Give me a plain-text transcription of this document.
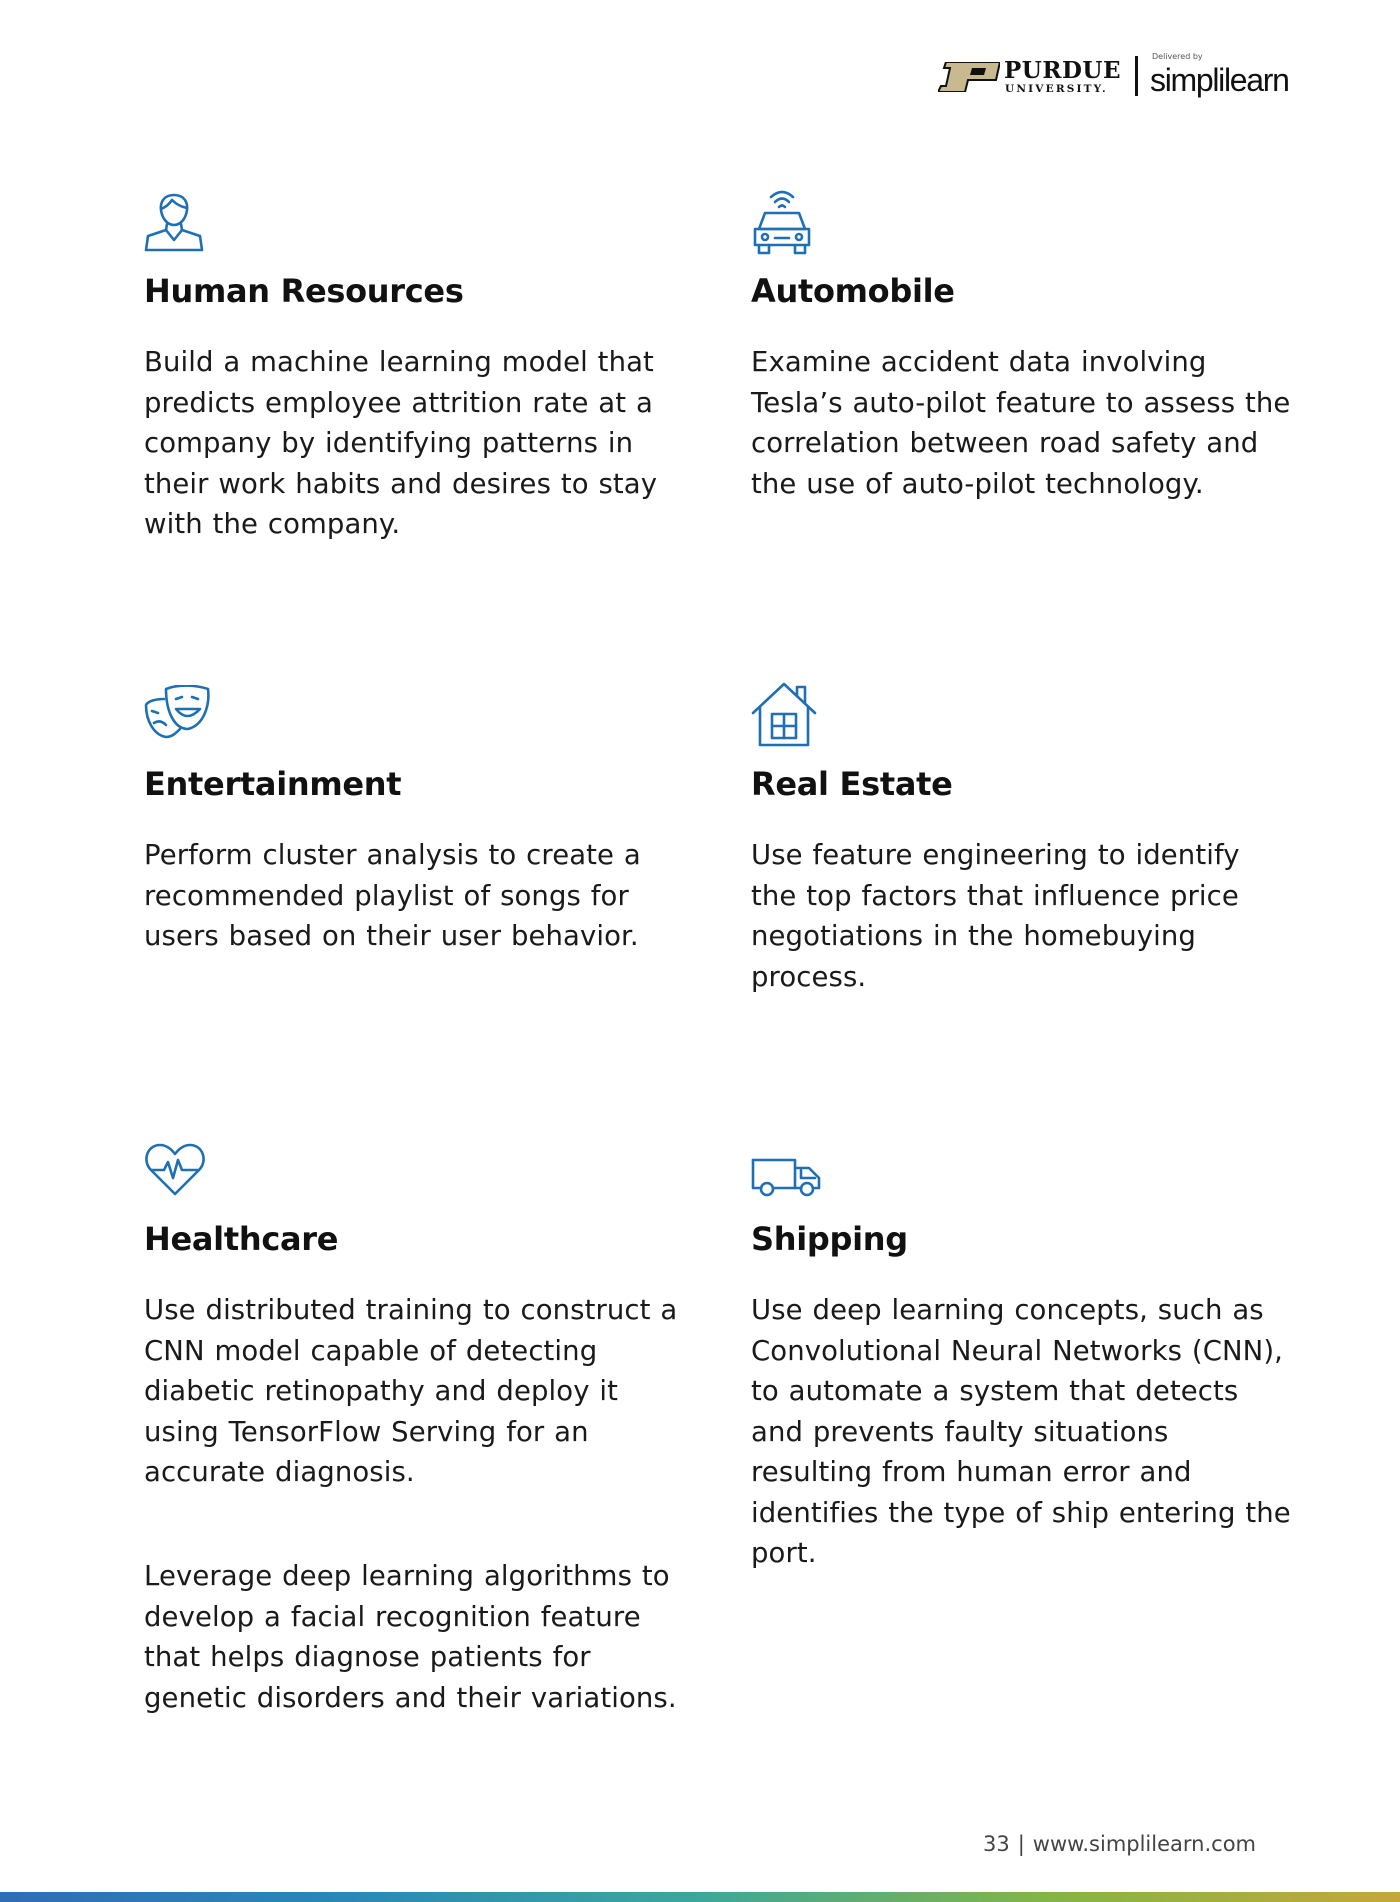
PURDUE
UNIVERSITY.
Delivered by
simplilearn
Human Resources

Build a machine learning model that predicts employee attrition rate at a company by identifying patterns in their work habits and desires to stay with the company.

Automobile

Examine accident data involving Tesla’s auto-pilot feature to assess the correlation between road safety and the use of auto-pilot technology.

Entertainment

Perform cluster analysis to create a recommended playlist of songs for users based on their user behavior.

Real Estate

Use feature engineering to identify the top factors that influence price negotiations in the homebuying process.

Healthcare

Use distributed training to construct a CNN model capable of detecting diabetic retinopathy and deploy it using TensorFlow Serving for an accurate diagnosis.

Leverage deep learning algorithms to develop a facial recognition feature that helps diagnose patients for genetic disorders and their variations.

Shipping

Use deep learning concepts, such as Convolutional Neural Networks (CNN), to automate a system that detects and prevents faulty situations resulting from human error and identifies the type of ship entering the port.

33 | www.simplilearn.com
